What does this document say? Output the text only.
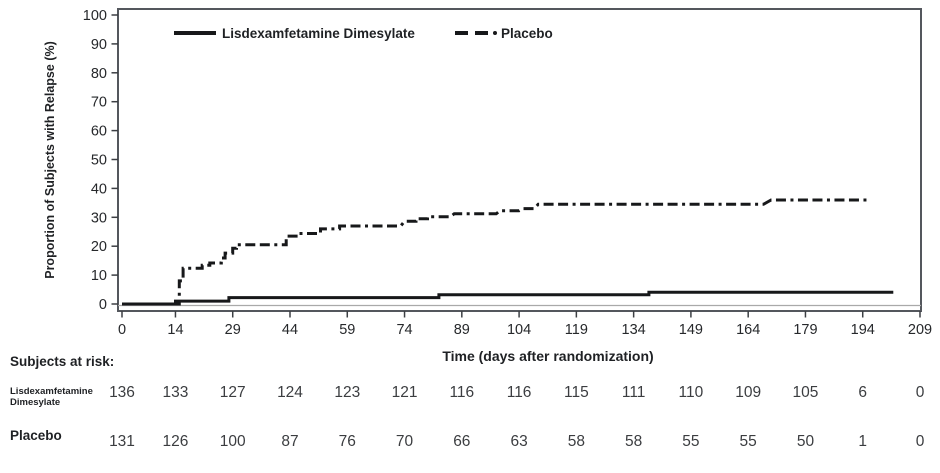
Proportion of Subjects with Relapse (%)
0
10
20
30
40
50
60
70
80
90
100
0	14	29	44	59	74	89	104 119 134 149 164 179 194 209
Lisdexamfetamine Dimesylate	Placebo
Time (days after randomization)
Subjects at risk:
Lisdexamfetamine
Dimesylate
Placebo
136 133 127 124 123 121 116 116 115 111 110 109 105	6	0
131 126 100 87	76	70	66	63	58	58	55	55	50	1	0
